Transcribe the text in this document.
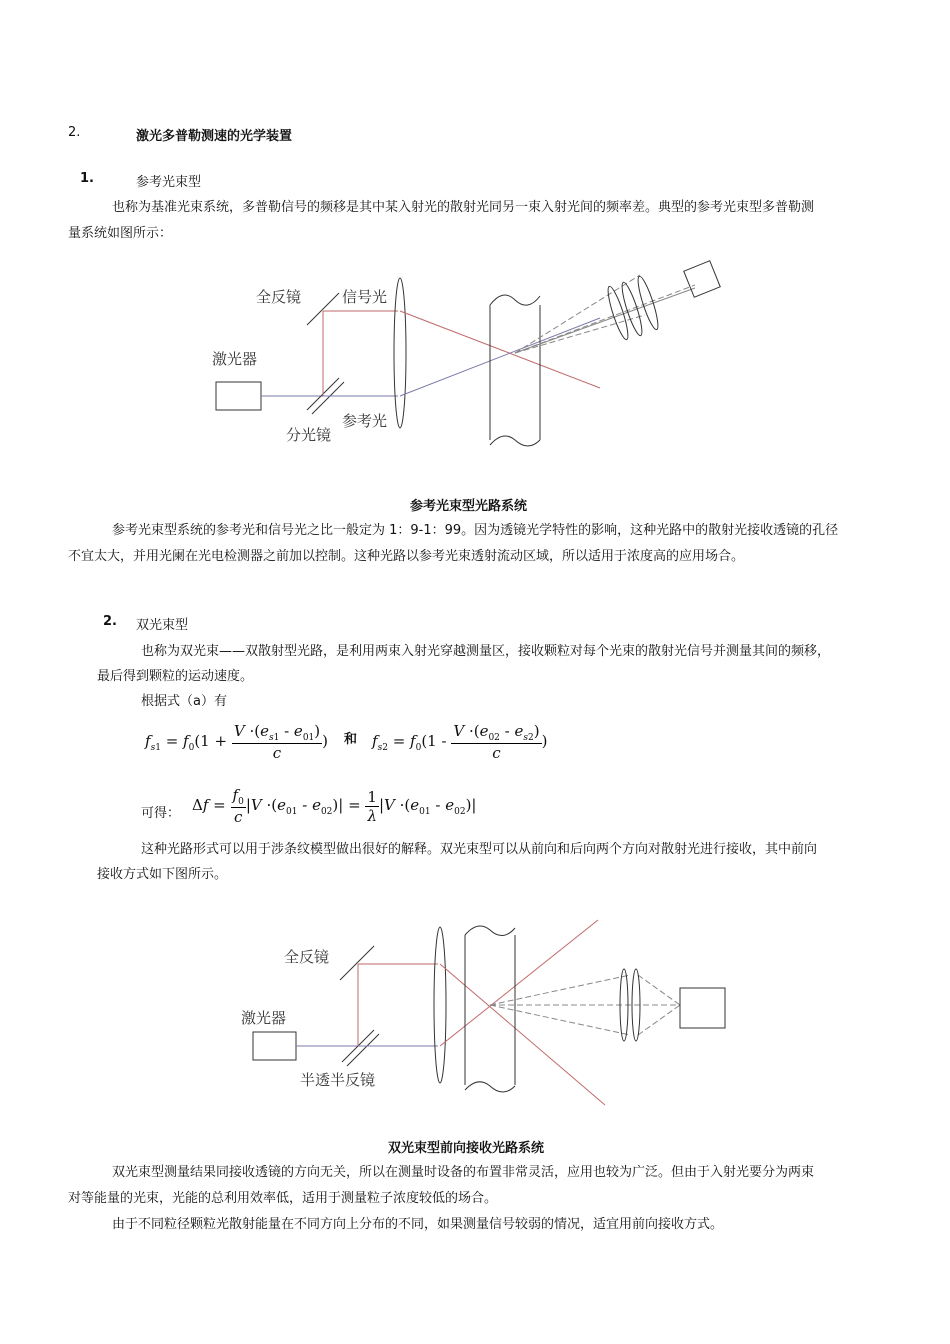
2.	激光多普勒测速的光学装置
1.	参考光束型
也称为基准光束系统，多普勒信号的频移是其中某入射光的散射光同另一束入射光间的频率差。典型的参考光束型多普勒测
量系统如图所示：
全反镜	信号光
激光器
分光镜
参考光
参考光束型光路系统
参考光束型系统的参考光和信号光之比一般定为 1：9-1：99。因为透镜光学特性的影响，这种光路中的散射光接收透镜的孔径
不宜太大，并用光阑在光电检测器之前加以控制。这种光路以参考光束透射流动区域，所以适用于浓度高的应用场合。
2. 双光束型
也称为双光束——双散射型光路，是利用两束入射光穿越测量区，接收颗粒对每个光束的散射光信号并测量其间的频移，
最后得到颗粒的运动速度。
根据式（a）有
$f_{s1} = f_0(1 + \frac{V \cdot(e_{s1} - e_{01})}{c}$ ) 和 $f_{s2} = f_0(1 - \frac{V \cdot(e_{02} - e_{s2})}{c}$ )
可得： $\Delta f = \frac{f_0}{c} |V \cdot(e_{01} - e_{02})| = \frac{1}{\lambda} |V \cdot(e_{01} - e_{02})|$
这种光路形式可以用于涉条纹模型做出很好的解释。双光束型可以从前向和后向两个方向对散射光进行接收，其中前向
接收方式如下图所示。
全反镜
激光器
半透半反镜
双光束型前向接收光路系统
双光束型测量结果同接收透镜的方向无关，所以在测量时设备的布置非常灵活，应用也较为广泛。但由于入射光要分为两束
对等能量的光束，光能的总利用效率低，适用于测量粒子浓度较低的场合。
由于不同粒径颗粒光散射能量在不同方向上分布的不同，如果测量信号较弱的情况，适宜用前向接收方式。
